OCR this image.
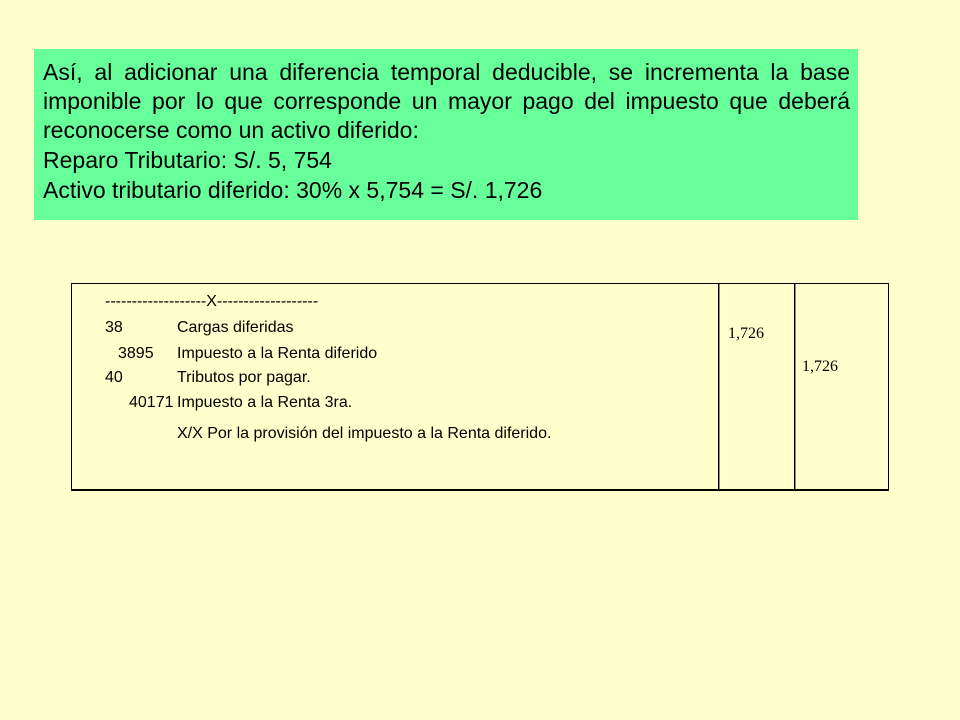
Así, al adicionar una diferencia temporal deducible, se incrementa la base imponible por lo que corresponde un mayor pago del impuesto que deberá reconocerse como un activo diferido:

Reparo Tributario: S/. 5, 754

Activo tributario diferido: 30% x 5,754 = S/. 1,726

-------------------X-------------------
38	Cargas diferidas
3895 Impuesto a la Renta diferido
40	Tributos por pagar.
40171 Impuesto a la Renta 3ra.
X/X Por la provisión del impuesto a la Renta diferido.
1,726
1,726
